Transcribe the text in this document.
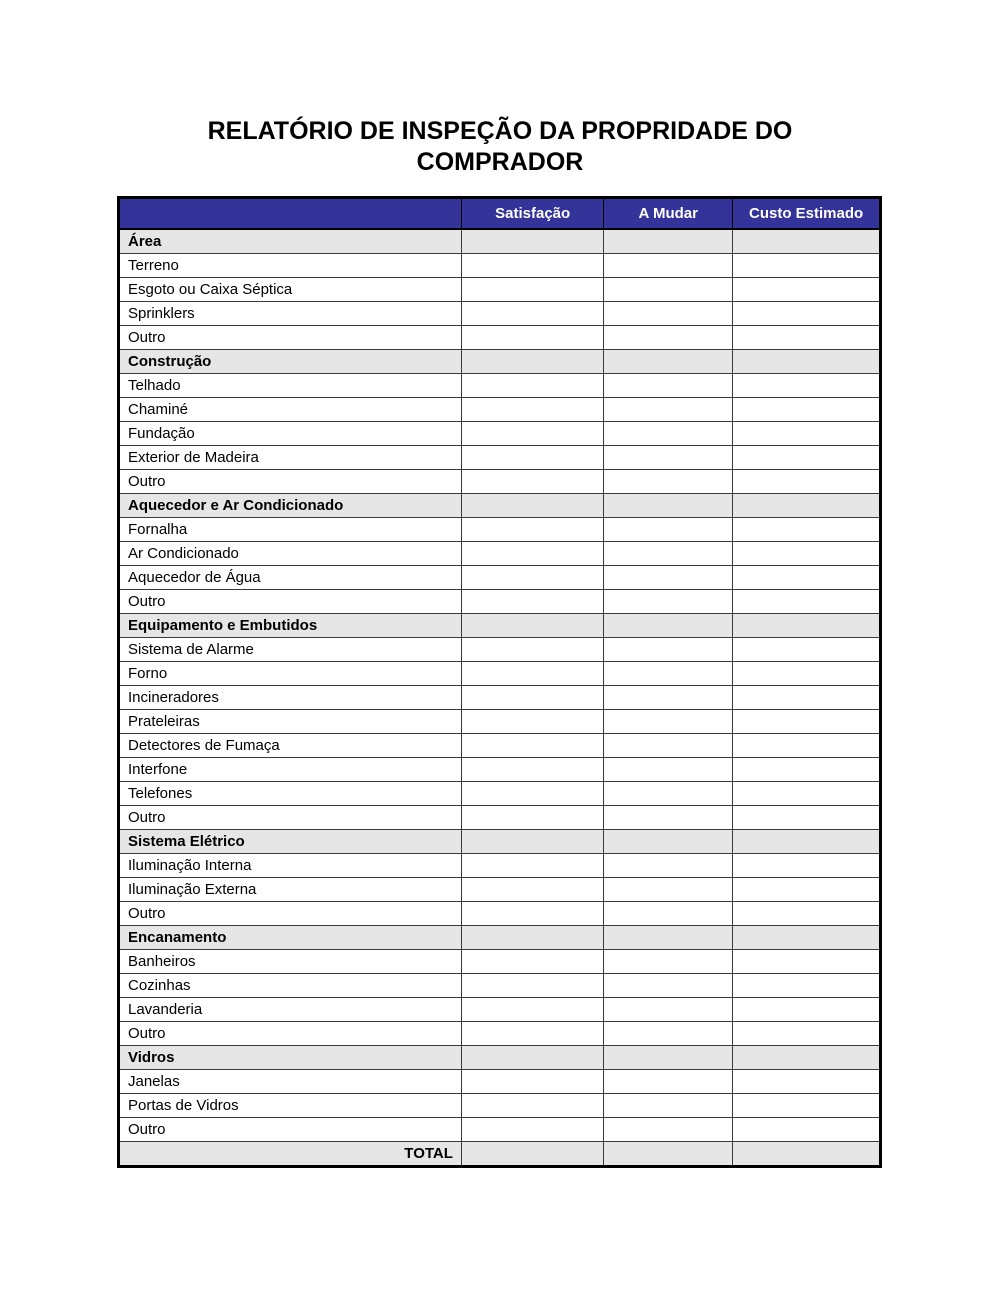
RELATÓRIO DE INSPEÇÃO DA PROPRIDADE DO
COMPRADOR
	Satisfação	A Mudar	Custo Estimado
Área			
Terreno			
Esgoto ou Caixa Séptica			
Sprinklers			
Outro			
Construção			
Telhado			
Chaminé			
Fundação			
Exterior de Madeira			
Outro			
Aquecedor e Ar Condicionado			
Fornalha			
Ar Condicionado			
Aquecedor de Água			
Outro			
Equipamento e Embutidos			
Sistema de Alarme			
Forno			
Incineradores			
Prateleiras			
Detectores de Fumaça			
Interfone			
Telefones			
Outro			
Sistema Elétrico			
Iluminação Interna			
Iluminação Externa			
Outro			
Encanamento			
Banheiros			
Cozinhas			
Lavanderia			
Outro			
Vidros			
Janelas			
Portas de Vidros			
Outro			
TOTAL			
